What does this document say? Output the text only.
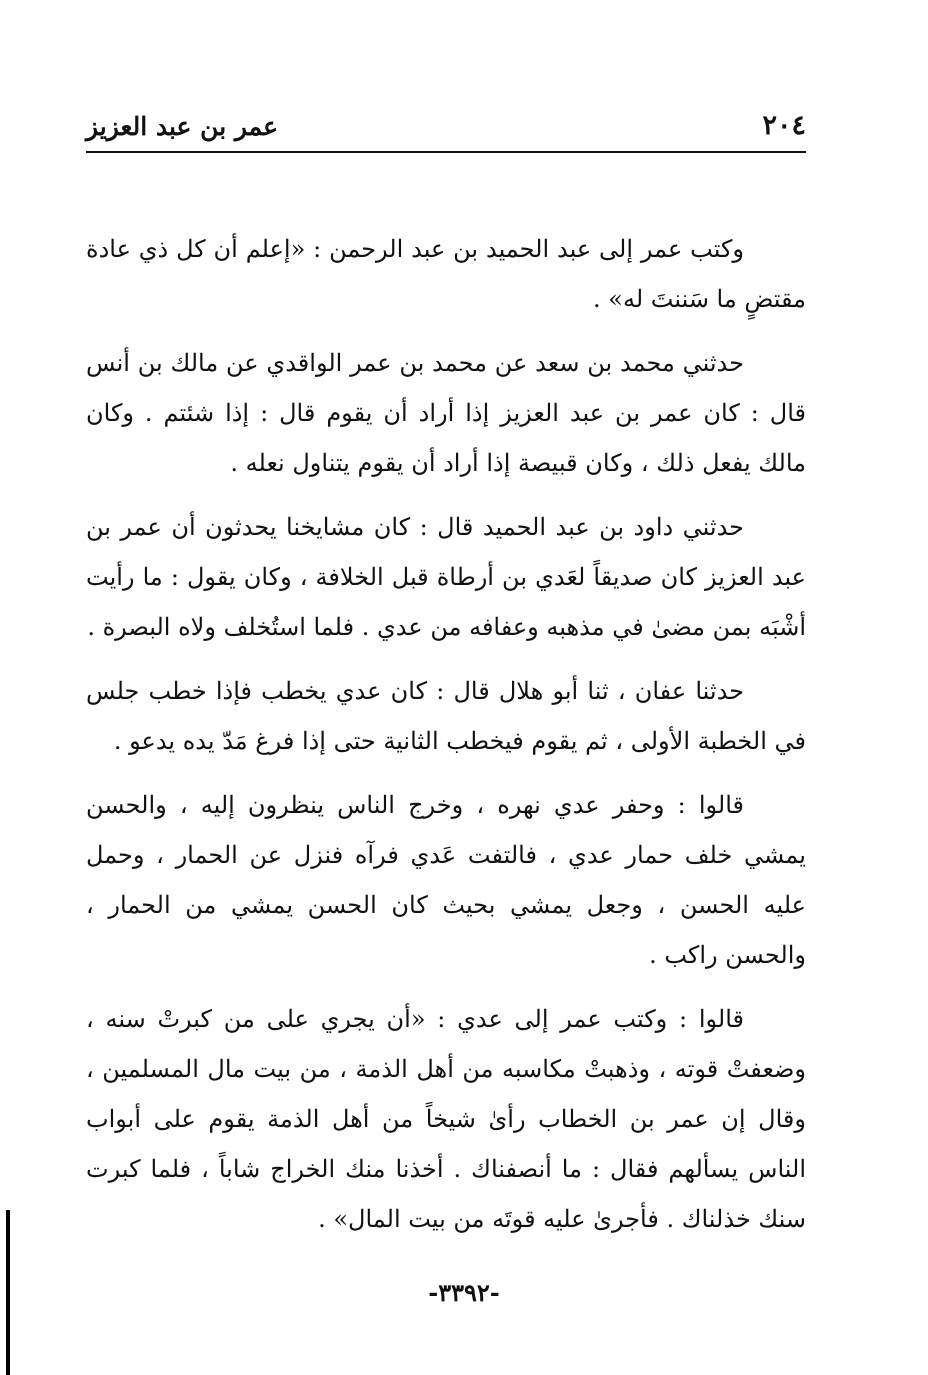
٢٠٤
عمر بن عبد العزيز

وكتب عمر إلى عبد الحميد بن عبد الرحمن : «إعلم أن كل ذي عادة مقتضٍ ما سَننتَ له» .

حدثني محمد بن سعد عن محمد بن عمر الواقدي عن مالك بن أنس قال : كان عمر بن عبد العزيز إذا أراد أن يقوم قال : إذا شئتم . وكان مالك يفعل ذلك ، وكان قبيصة إذا أراد أن يقوم يتناول نعله .

حدثني داود بن عبد الحميد قال : كان مشايخنا يحدثون أن عمر بن عبد العزيز كان صديقاً لعَدي بن أرطاة قبل الخلافة ، وكان يقول : ما رأيت أشْبَه بمن مضىٰ في مذهبه وعفافه من عدي . فلما استُخلف ولاه البصرة .

حدثنا عفان ، ثنا أبو هلال قال : كان عدي يخطب فإذا خطب جلس في الخطبة الأولى ، ثم يقوم فيخطب الثانية حتى إذا فرغ مَدّ يده يدعو .

قالوا : وحفر عدي نهره ، وخرج الناس ينظرون إليه ، والحسن يمشي خلف حمار عدي ، فالتفت عَدي فرآه فنزل عن الحمار ، وحمل عليه الحسن ، وجعل يمشي بحيث كان الحسن يمشي من الحمار ، والحسن راكب .

قالوا : وكتب عمر إلى عدي : «أن يجري على من كبرتْ سنه ، وضعفتْ قوته ، وذهبتْ مكاسبه من أهل الذمة ، من بيت مال المسلمين ، وقال إن عمر بن الخطاب رأىٰ شيخاً من أهل الذمة يقوم على أبواب الناس يسألهم فقال : ما أنصفناك . أخذنا منك الخراج شاباً ، فلما كبرت سنك خذلناك . فأجرىٰ عليه قوتَه من بيت المال» .

-٣٣٩٢-
